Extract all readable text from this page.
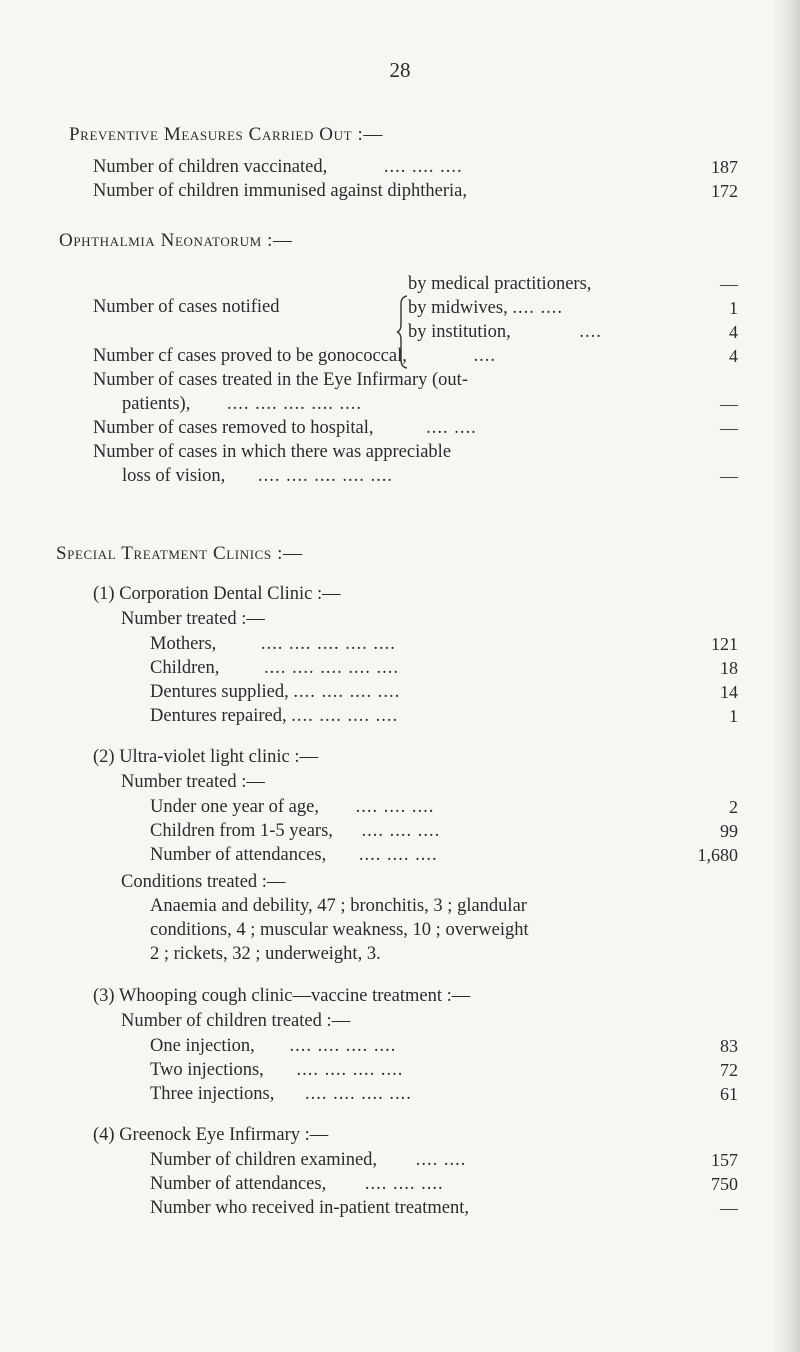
28
Preventive Measures Carried Out :—
Number of children vaccinated,	.... .... ....	187
Number of children immunised against diphtheria,	172
Ophthalmia Neonatorum :—
Number of cases notified
by medical practitioners,	—
by midwives, .... ....	1
by institution,	....	4
Number cf cases proved to be gonococcal,	....	4
Number of cases treated in the Eye Infirmary (out-
patients), .... .... .... .... ....	—
Number of cases removed to hospital,	.... ....	—
Number of cases in which there was appreciable
loss of vision, .... .... .... .... ....	—
Special Treatment Clinics :—
(1) Corporation Dental Clinic :—
Number treated :—
Mothers, .... .... .... .... ....	121
Children, .... .... .... .... ....	18
Dentures supplied, .... .... .... ....	14
Dentures repaired, .... .... .... ....	1
(2) Ultra-violet light clinic :—
Number treated :—
Under one year of age, .... .... ....	2
Children from 1-5 years, .... .... ....	99
Number of attendances, .... .... ....	1,680
Conditions treated :—
Anaemia and debility, 47 ; bronchitis, 3 ; glandular
conditions, 4 ; muscular weakness, 10 ; overweight
2 ; rickets, 32 ; underweight, 3.
(3) Whooping cough clinic—vaccine treatment :—
Number of children treated :—
One injection, .... .... .... ....	83
Two injections, .... .... .... ....	72
Three injections, .... .... .... ....	61
(4) Greenock Eye Infirmary :—
Number of children examined, .... ....	157
Number of attendances, .... .... ....	750
Number who received in-patient treatment,	—
